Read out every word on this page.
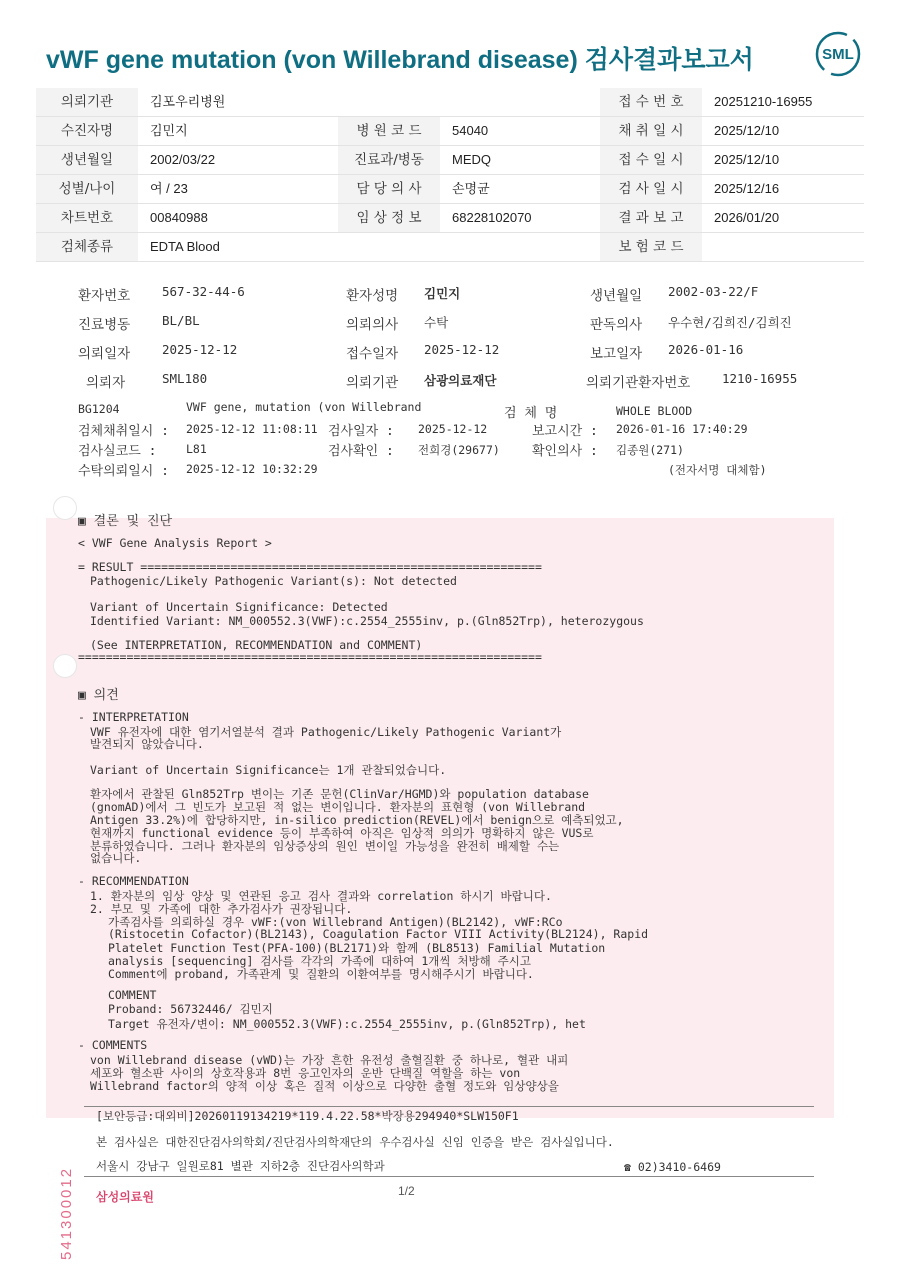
vWF gene mutation (von Willebrand disease) 검사결과보고서	SML
의뢰기관	김포우리병원	접 수 번 호	20251210-16955
수진자명	김민지	병 원 코 드	54040	채 취 일 시	2025/12/10
생년월일	2002/03/22	진료과/병동	MEDQ	접 수 일 시	2025/12/10
성별/나이	여 / 23	담 당 의 사	손명균	검 사 일 시	2025/12/16
차트번호	00840988	임 상 정 보	68228102070	결 과 보 고	2026/01/20
검체종류	EDTA Blood	보 험 코 드
환자번호	567-32-44-6	환자성명 김민지	생년월일 2002-03-22/F
진료병동	BL/BL	의뢰의사 수탁	판독의사 우수현/김희진/김희진
의뢰일자	2025-12-12	접수일자 2025-12-12	보고일자 2026-01-16
의뢰자	SML180	의뢰기관 삼광의료재단	의뢰기관환자번호	1210-16955
BG1204	VWF gene, mutation (von Willebrand	검 체 명	WHOLE BLOOD
검체채취일시 : 2025-12-12 11:08:11 검사일자 : 2025-12-12	보고시간 : 2026-01-16 17:40:29
검사실코드 :	L81	검사확인 : 전희경(29677) 확인의사 : 김종원(271)
수탁의뢰일시 : 2025-12-12 10:32:29	(전자서명 대체함)
▣ 결론 및 진단
< VWF Gene Analysis Report >
= RESULT ==========================================================
Pathogenic/Likely Pathogenic Variant(s): Not detected
Variant of Uncertain Significance: Detected
Identified Variant: NM_000552.3(VWF):c.2554_2555inv, p.(Gln852Trp), heterozygous
(See INTERPRETATION, RECOMMENDATION and COMMENT)
===================================================================
▣ 의견
- INTERPRETATION
VWF 유전자에 대한 염기서열분석 결과 Pathogenic/Likely Pathogenic Variant가
발견되지 않았습니다.
Variant of Uncertain Significance는 1개 관찰되었습니다.
환자에서 관찰된 Gln852Trp 변이는 기존 문헌(ClinVar/HGMD)와 population database
(gnomAD)에서 그 빈도가 보고된 적 없는 변이입니다. 환자분의 표현형 (von Willebrand
Antigen 33.2%)에 합당하지만, in-silico prediction(REVEL)에서 benign으로 예측되었고,
현재까지 functional evidence 등이 부족하여 아직은 임상적 의의가 명확하지 않은 VUS로
분류하였습니다. 그러나 환자분의 임상증상의 원인 변이일 가능성을 완전히 배제할 수는
없습니다.
- RECOMMENDATION
1. 환자분의 임상 양상 및 연관된 응고 검사 결과와 correlation 하시기 바랍니다.
2. 부모 및 가족에 대한 추가검사가 권장됩니다.
가족검사를 의뢰하실 경우 vWF:(von Willebrand Antigen)(BL2142), vWF:RCo
(Ristocetin Cofactor)(BL2143), Coagulation Factor VIII Activity(BL2124), Rapid
Platelet Function Test(PFA-100)(BL2171)와 함께 (BL8513) Familial Mutation
analysis [sequencing] 검사를 각각의 가족에 대하여 1개씩 처방해 주시고
Comment에 proband, 가족관계 및 질환의 이환여부를 명시해주시기 바랍니다.
COMMENT
Proband: 56732446/ 김민지
Target 유전자/변이: NM_000552.3(VWF):c.2554_2555inv, p.(Gln852Trp), het
- COMMENTS
von Willebrand disease (vWD)는 가장 흔한 유전성 출혈질환 중 하나로, 혈관 내피
세포와 혈소판 사이의 상호작용과 8번 응고인자의 운반 단백질 역할을 하는 von
Willebrand factor의 양적 이상 혹은 질적 이상으로 다양한 출혈 정도와 임상양상을
541300012
[보안등급:대외비]20260119134219*119.4.22.58*박장용294940*SLW150F1
본 검사실은 대한진단검사의학회/진단검사의학재단의 우수검사실 신임 인증을 받은 검사실입니다.
서울시 강남구 일원로81 별관 지하2층 진단검사의학과	☎ 02)3410-6469
삼성의료원	1/2
